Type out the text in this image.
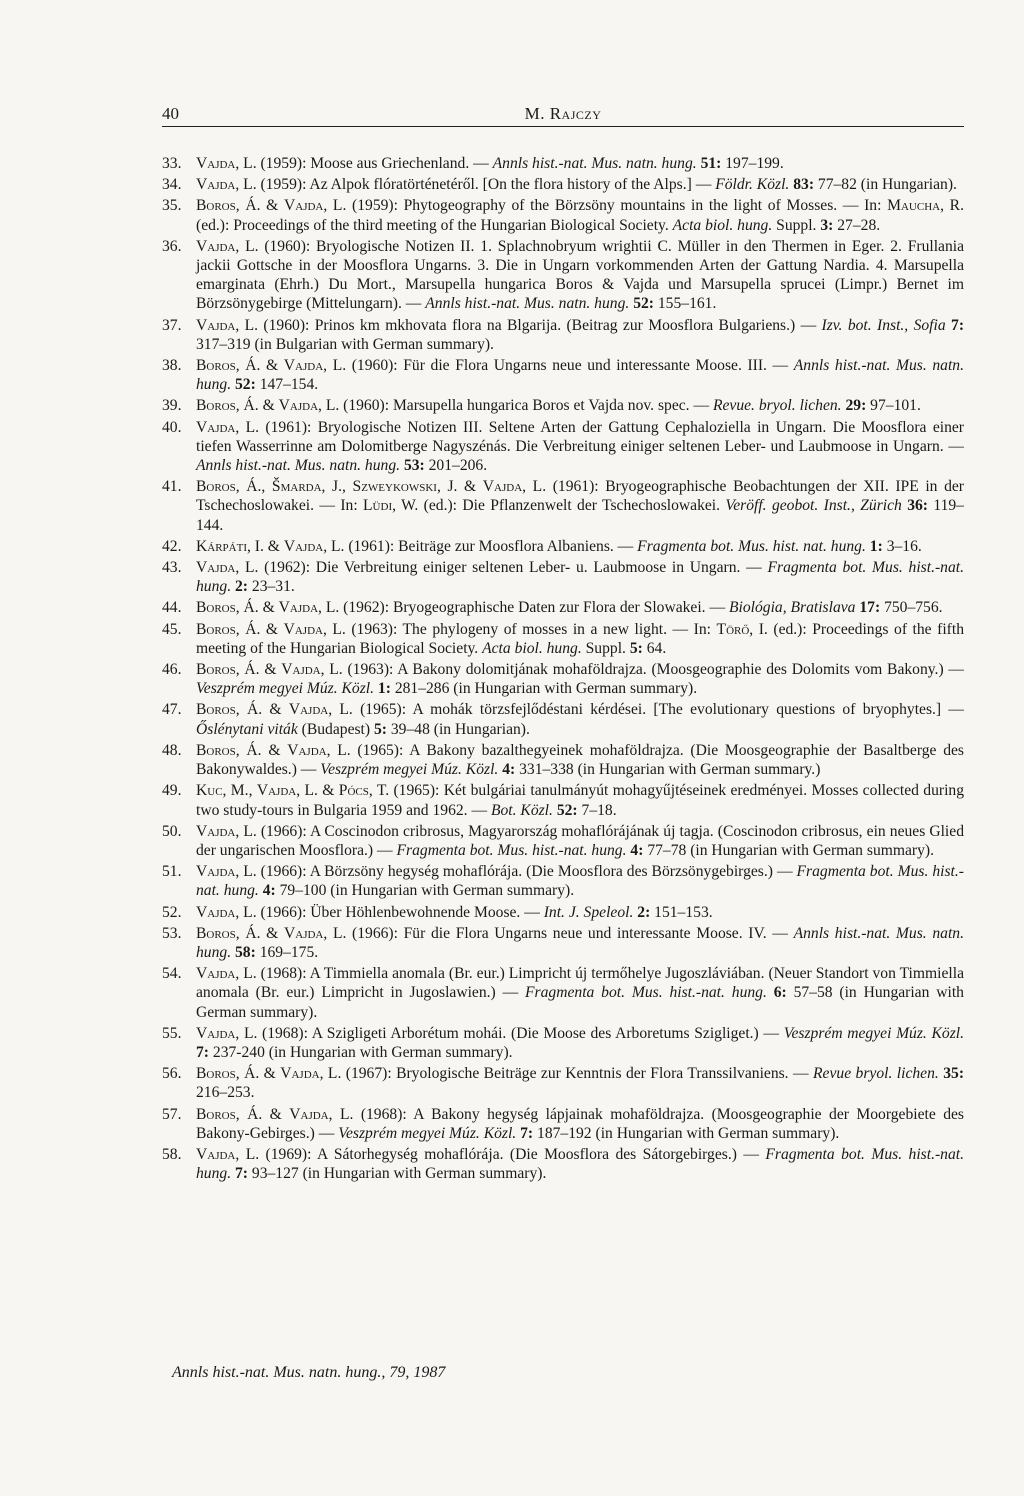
40	M. Rajczy
33. Vajda, L. (1959): Moose aus Griechenland. — Annls hist.-nat. Mus. natn. hung. 51: 197–199.
34. Vajda, L. (1959): Az Alpok flóratörténetéről. [On the flora history of the Alps.] — Földr. Közl. 83: 77–82 (in Hungarian).
35. Boros, Á. & Vajda, L. (1959): Phytogeography of the Börzsöny mountains in the light of Mosses. — In: Maucha, R. (ed.): Proceedings of the third meeting of the Hungarian Biological Society. Acta biol. hung. Suppl. 3: 27–28.
36. Vajda, L. (1960): Bryologische Notizen II. 1. Splachnobryum wrightii C. Müller in den Thermen in Eger. 2. Frullania jackii Gottsche in der Moosflora Ungarns. 3. Die in Ungarn vorkommenden Arten der Gattung Nardia. 4. Marsupella emarginata (Ehrh.) Du Mort., Marsupella hungarica Boros & Vajda und Marsupella sprucei (Limpr.) Bernet im Börzsönygebirge (Mittelungarn). — Annls hist.-nat. Mus. natn. hung. 52: 155–161.
37. Vajda, L. (1960): Prinos km mkhovata flora na Blgarija. (Beitrag zur Moosflora Bulgariens.) — Izv. bot. Inst., Sofia 7: 317–319 (in Bulgarian with German summary).
38. Boros, Á. & Vajda, L. (1960): Für die Flora Ungarns neue und interessante Moose. III. — Annls hist.-nat. Mus. natn. hung. 52: 147–154.
39. Boros, Á. & Vajda, L. (1960): Marsupella hungarica Boros et Vajda nov. spec. — Revue. bryol. lichen. 29: 97–101.
40. Vajda, L. (1961): Bryologische Notizen III. Seltene Arten der Gattung Cephaloziella in Ungarn. Die Moosflora einer tiefen Wasserrinne am Dolomitberge Nagyszénás. Die Verbreitung einiger seltenen Leber- und Laubmoose in Ungarn. — Annls hist.-nat. Mus. natn. hung. 53: 201–206.
41. Boros, Á., Šmarda, J., Szweykowski, J. & Vajda, L. (1961): Bryogeographische Beobachtungen der XII. IPE in der Tschechoslowakei. — In: Lüdi, W. (ed.): Die Pflanzenwelt der Tschechoslowakei. Veröff. geobot. Inst., Zürich 36: 119–144.
42. Kárpáti, I. & Vajda, L. (1961): Beiträge zur Moosflora Albaniens. — Fragmenta bot. Mus. hist. nat. hung. 1: 3–16.
43. Vajda, L. (1962): Die Verbreitung einiger seltenen Leber- u. Laubmoose in Ungarn. — Fragmenta bot. Mus. hist.-nat. hung. 2: 23–31.
44. Boros, Á. & Vajda, L. (1962): Bryogeographische Daten zur Flora der Slowakei. — Biológia, Bratislava 17: 750–756.
45. Boros, Á. & Vajda, L. (1963): The phylogeny of mosses in a new light. — In: Törő, I. (ed.): Proceedings of the fifth meeting of the Hungarian Biological Society. Acta biol. hung. Suppl. 5: 64.
46. Boros, Á. & Vajda, L. (1963): A Bakony dolomitjának mohaföldrajza. (Moosgeographie des Dolomits vom Bakony.) — Veszprém megyei Múz. Közl. 1: 281–286 (in Hungarian with German summary).
47. Boros, Á. & Vajda, L. (1965): A mohák törzsfejlődéstani kérdései. [The evolutionary questions of bryophytes.] — Őslénytani viták (Budapest) 5: 39–48 (in Hungarian).
48. Boros, Á. & Vajda, L. (1965): A Bakony bazalthegyeinek mohaföldrajza. (Die Moosgeographie der Basaltberge des Bakonywaldes.) — Veszprém megyei Múz. Közl. 4: 331–338 (in Hungarian with German summary.)
49. Kuc, M., Vajda, L. & Pócs, T. (1965): Két bulgáriai tanulmányút mohagyűjtéseinek eredményei. Mosses collected during two study-tours in Bulgaria 1959 and 1962. — Bot. Közl. 52: 7–18.
50. Vajda, L. (1966): A Coscinodon cribrosus, Magyarország mohaflórájának új tagja. (Coscinodon cribrosus, ein neues Glied der ungarischen Moosflora.) — Fragmenta bot. Mus. hist.-nat. hung. 4: 77–78 (in Hungarian with German summary).
51. Vajda, L. (1966): A Börzsöny hegység mohaflórája. (Die Moosflora des Börzsönygebirges.) — Fragmenta bot. Mus. hist.-nat. hung. 4: 79–100 (in Hungarian with German summary).
52. Vajda, L. (1966): Über Höhlenbewohnende Moose. — Int. J. Speleol. 2: 151–153.
53. Boros, Á. & Vajda, L. (1966): Für die Flora Ungarns neue und interessante Moose. IV. — Annls hist.-nat. Mus. natn. hung. 58: 169–175.
54. Vajda, L. (1968): A Timmiella anomala (Br. eur.) Limpricht új termőhelye Jugoszláviában. (Neuer Standort von Timmiella anomala (Br. eur.) Limpricht in Jugoslawien.) — Fragmenta bot. Mus. hist.-nat. hung. 6: 57–58 (in Hungarian with German summary).
55. Vajda, L. (1968): A Szigligeti Arborétum mohái. (Die Moose des Arboretums Szigliget.) — Veszprém megyei Múz. Közl. 7: 237-240 (in Hungarian with German summary).
56. Boros, Á. & Vajda, L. (1967): Bryologische Beiträge zur Kenntnis der Flora Transsilvaniens. — Revue bryol. lichen. 35: 216–253.
57. Boros, Á. & Vajda, L. (1968): A Bakony hegység lápjainak mohaföldrajza. (Moosgeographie der Moorgebiete des Bakony-Gebirges.) — Veszprém megyei Múz. Közl. 7: 187–192 (in Hungarian with German summary).
58. Vajda, L. (1969): A Sátorhegység mohaflórája. (Die Moosflora des Sátorgebirges.) — Fragmenta bot. Mus. hist.-nat. hung. 7: 93–127 (in Hungarian with German summary).
Annls hist.-nat. Mus. natn. hung., 79, 1987
